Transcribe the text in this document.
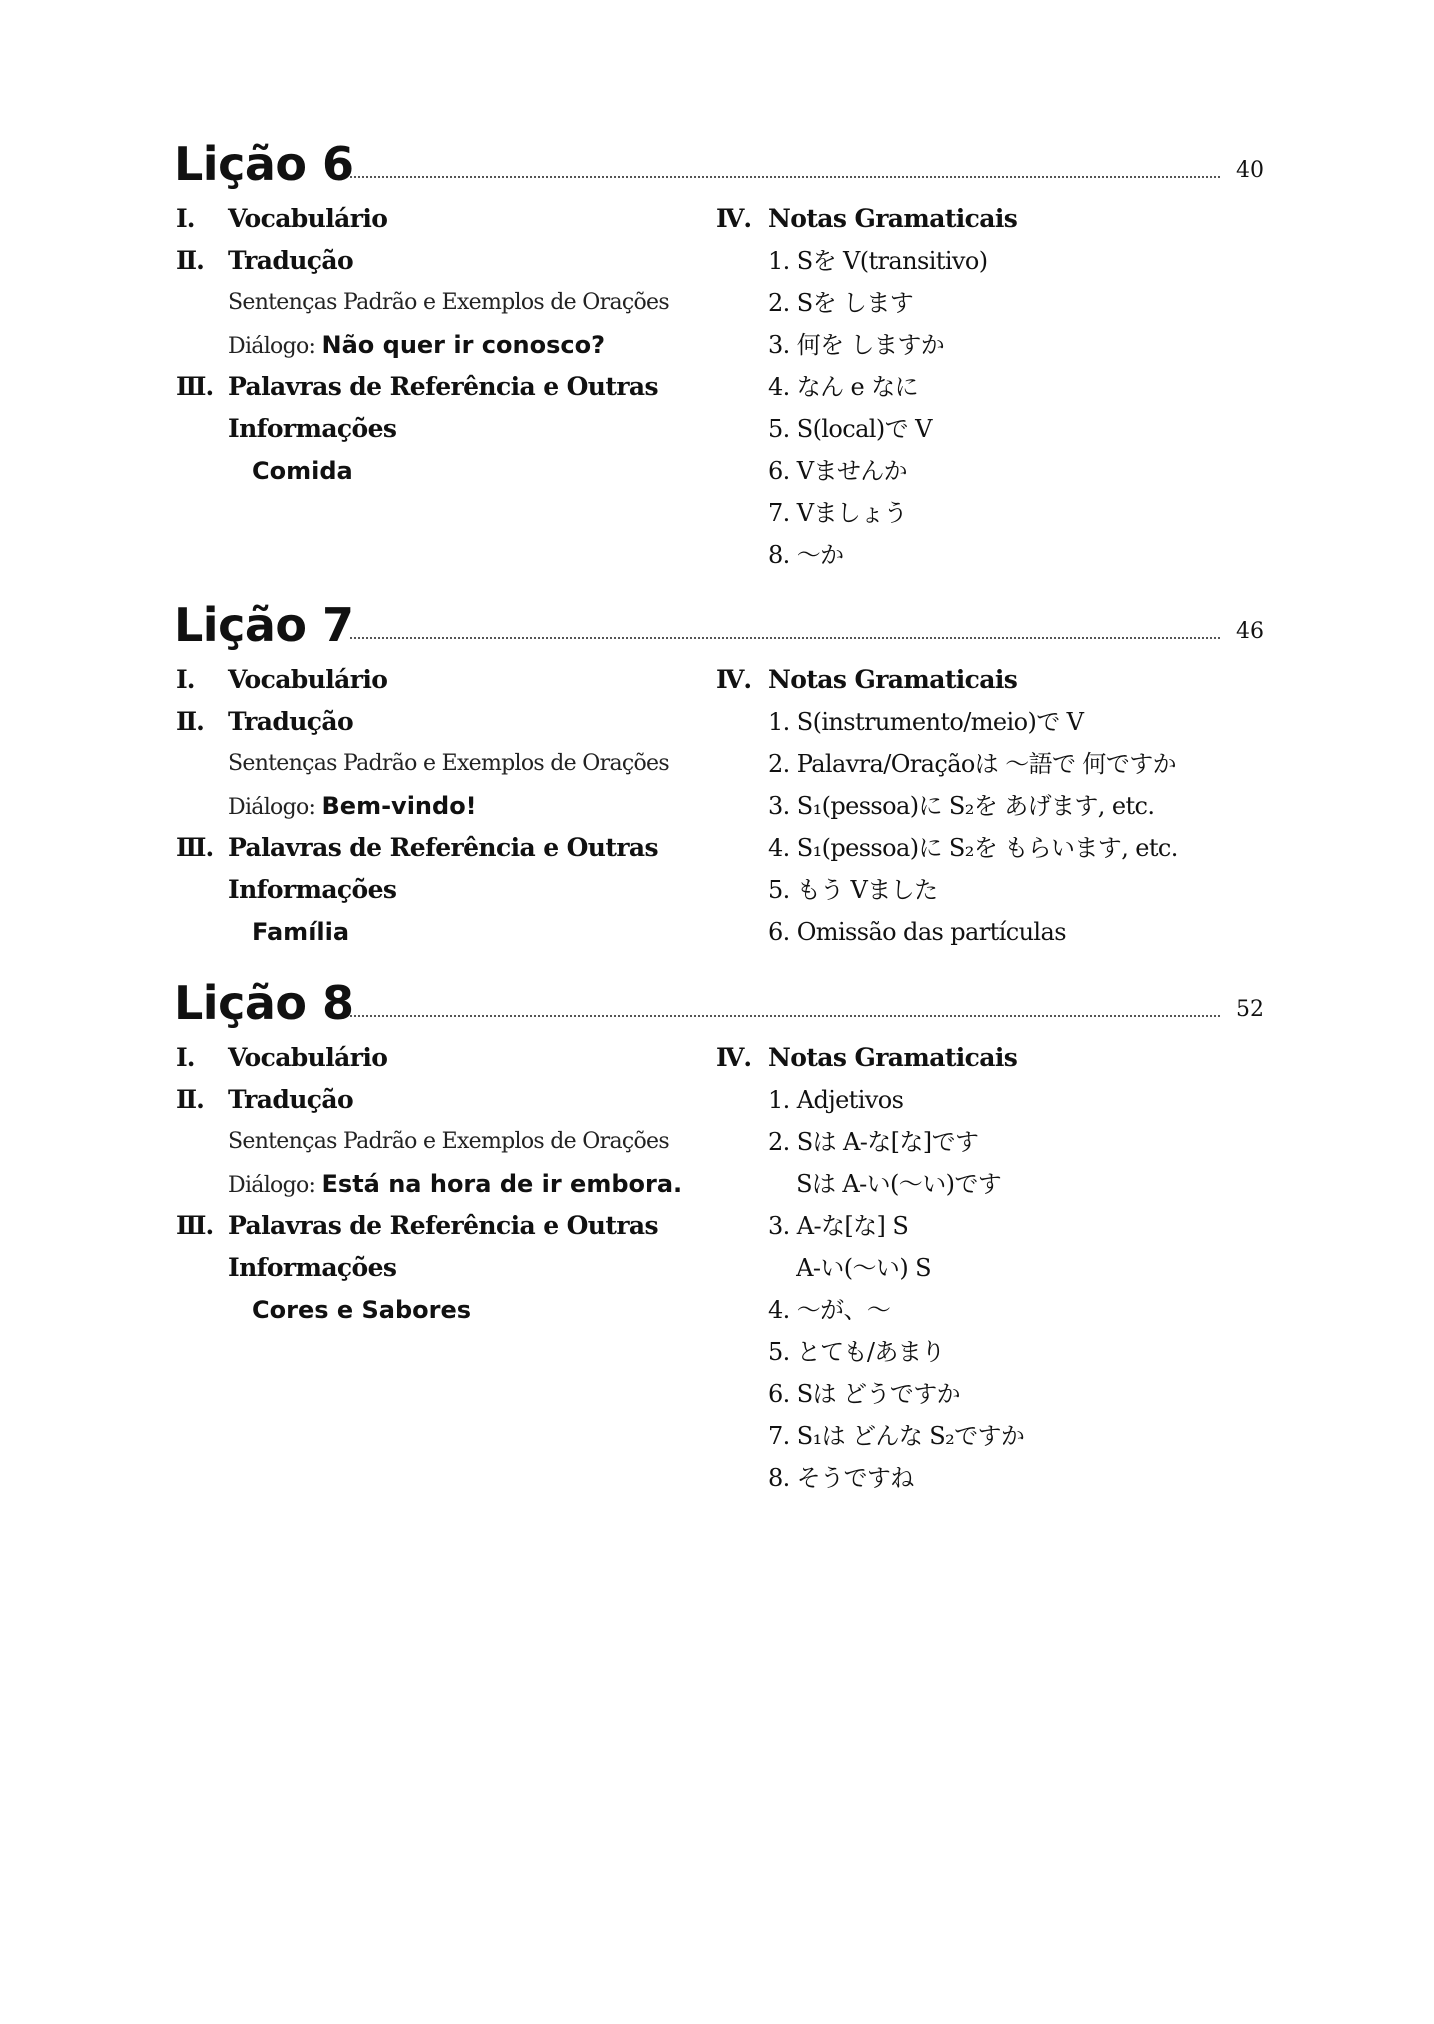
Lição 6	40
Ⅰ.	Vocabulário
Ⅱ. Tradução
Sentenças Padrão e Exemplos de Orações
Diálogo: Não quer ir conosco?
Ⅲ. Palavras de Referência e Outras
Informações
Comida
Ⅳ. Notas Gramaticais
1. Sを V(transitivo)
2. Sを します
3. 何を しますか
4. なん e なに
5. S(local)で V
6. Vませんか
7. Vましょう
8. 〜か
Lição 7	46
Ⅰ.	Vocabulário
Ⅱ. Tradução
Sentenças Padrão e Exemplos de Orações
Diálogo: Bem-vindo!
Ⅲ. Palavras de Referência e Outras
Informações
Família
Ⅳ. Notas Gramaticais
1. S(instrumento/meio)で V
2. Palavra/Oraçãoは 〜語で 何ですか
3. S₁(pessoa)に S₂を あげます, etc.
4. S₁(pessoa)に S₂を もらいます, etc.
5. もう Vました
6. Omissão das partículas
Lição 8	52
Ⅰ.	Vocabulário
Ⅱ. Tradução
Sentenças Padrão e Exemplos de Orações
Diálogo: Está na hora de ir embora.
Ⅲ. Palavras de Referência e Outras
Informações
Cores e Sabores
Ⅳ. Notas Gramaticais
1. Adjetivos
2. Sは A-な[な]です
Sは A-い(〜い)です
3. A-な[な] S
A-い(〜い) S
4. 〜が、〜
5. とても/あまり
6. Sは どうですか
7. S₁は どんな S₂ですか
8. そうですね
